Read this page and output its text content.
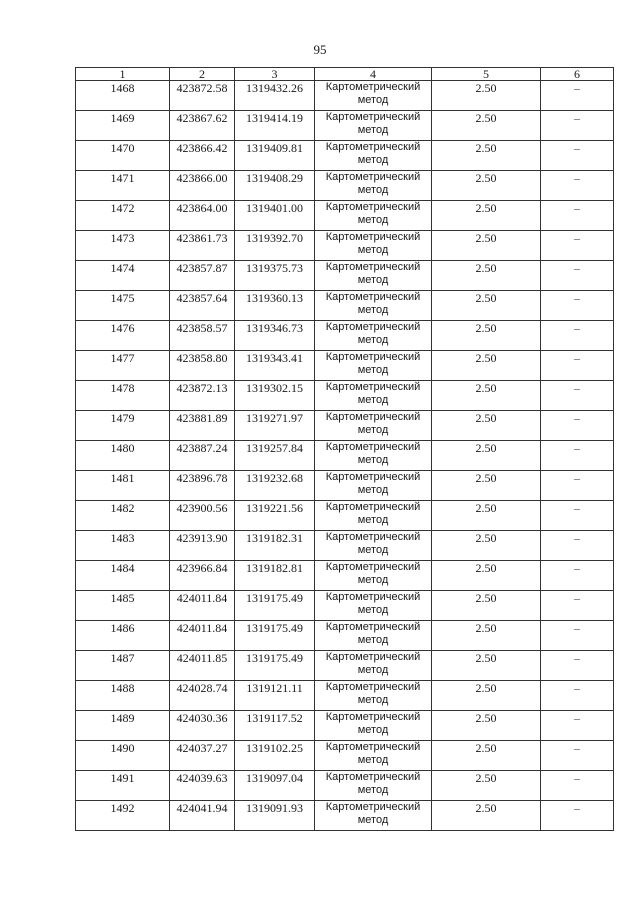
95
1	2	3	4	5	6
1468	423872.58	1319432.26	Картометрический метод	2.50	–
1469	423867.62	1319414.19	Картометрический метод	2.50	–
1470	423866.42	1319409.81	Картометрический метод	2.50	–
1471	423866.00	1319408.29	Картометрический метод	2.50	–
1472	423864.00	1319401.00	Картометрический метод	2.50	–
1473	423861.73	1319392.70	Картометрический метод	2.50	–
1474	423857.87	1319375.73	Картометрический метод	2.50	–
1475	423857.64	1319360.13	Картометрический метод	2.50	–
1476	423858.57	1319346.73	Картометрический метод	2.50	–
1477	423858.80	1319343.41	Картометрический метод	2.50	–
1478	423872.13	1319302.15	Картометрический метод	2.50	–
1479	423881.89	1319271.97	Картометрический метод	2.50	–
1480	423887.24	1319257.84	Картометрический метод	2.50	–
1481	423896.78	1319232.68	Картометрический метод	2.50	–
1482	423900.56	1319221.56	Картометрический метод	2.50	–
1483	423913.90	1319182.31	Картометрический метод	2.50	–
1484	423966.84	1319182.81	Картометрический метод	2.50	–
1485	424011.84	1319175.49	Картометрический метод	2.50	–
1486	424011.84	1319175.49	Картометрический метод	2.50	–
1487	424011.85	1319175.49	Картометрический метод	2.50	–
1488	424028.74	1319121.11	Картометрический метод	2.50	–
1489	424030.36	1319117.52	Картометрический метод	2.50	–
1490	424037.27	1319102.25	Картометрический метод	2.50	–
1491	424039.63	1319097.04	Картометрический метод	2.50	–
1492	424041.94	1319091.93	Картометрический метод	2.50	–
